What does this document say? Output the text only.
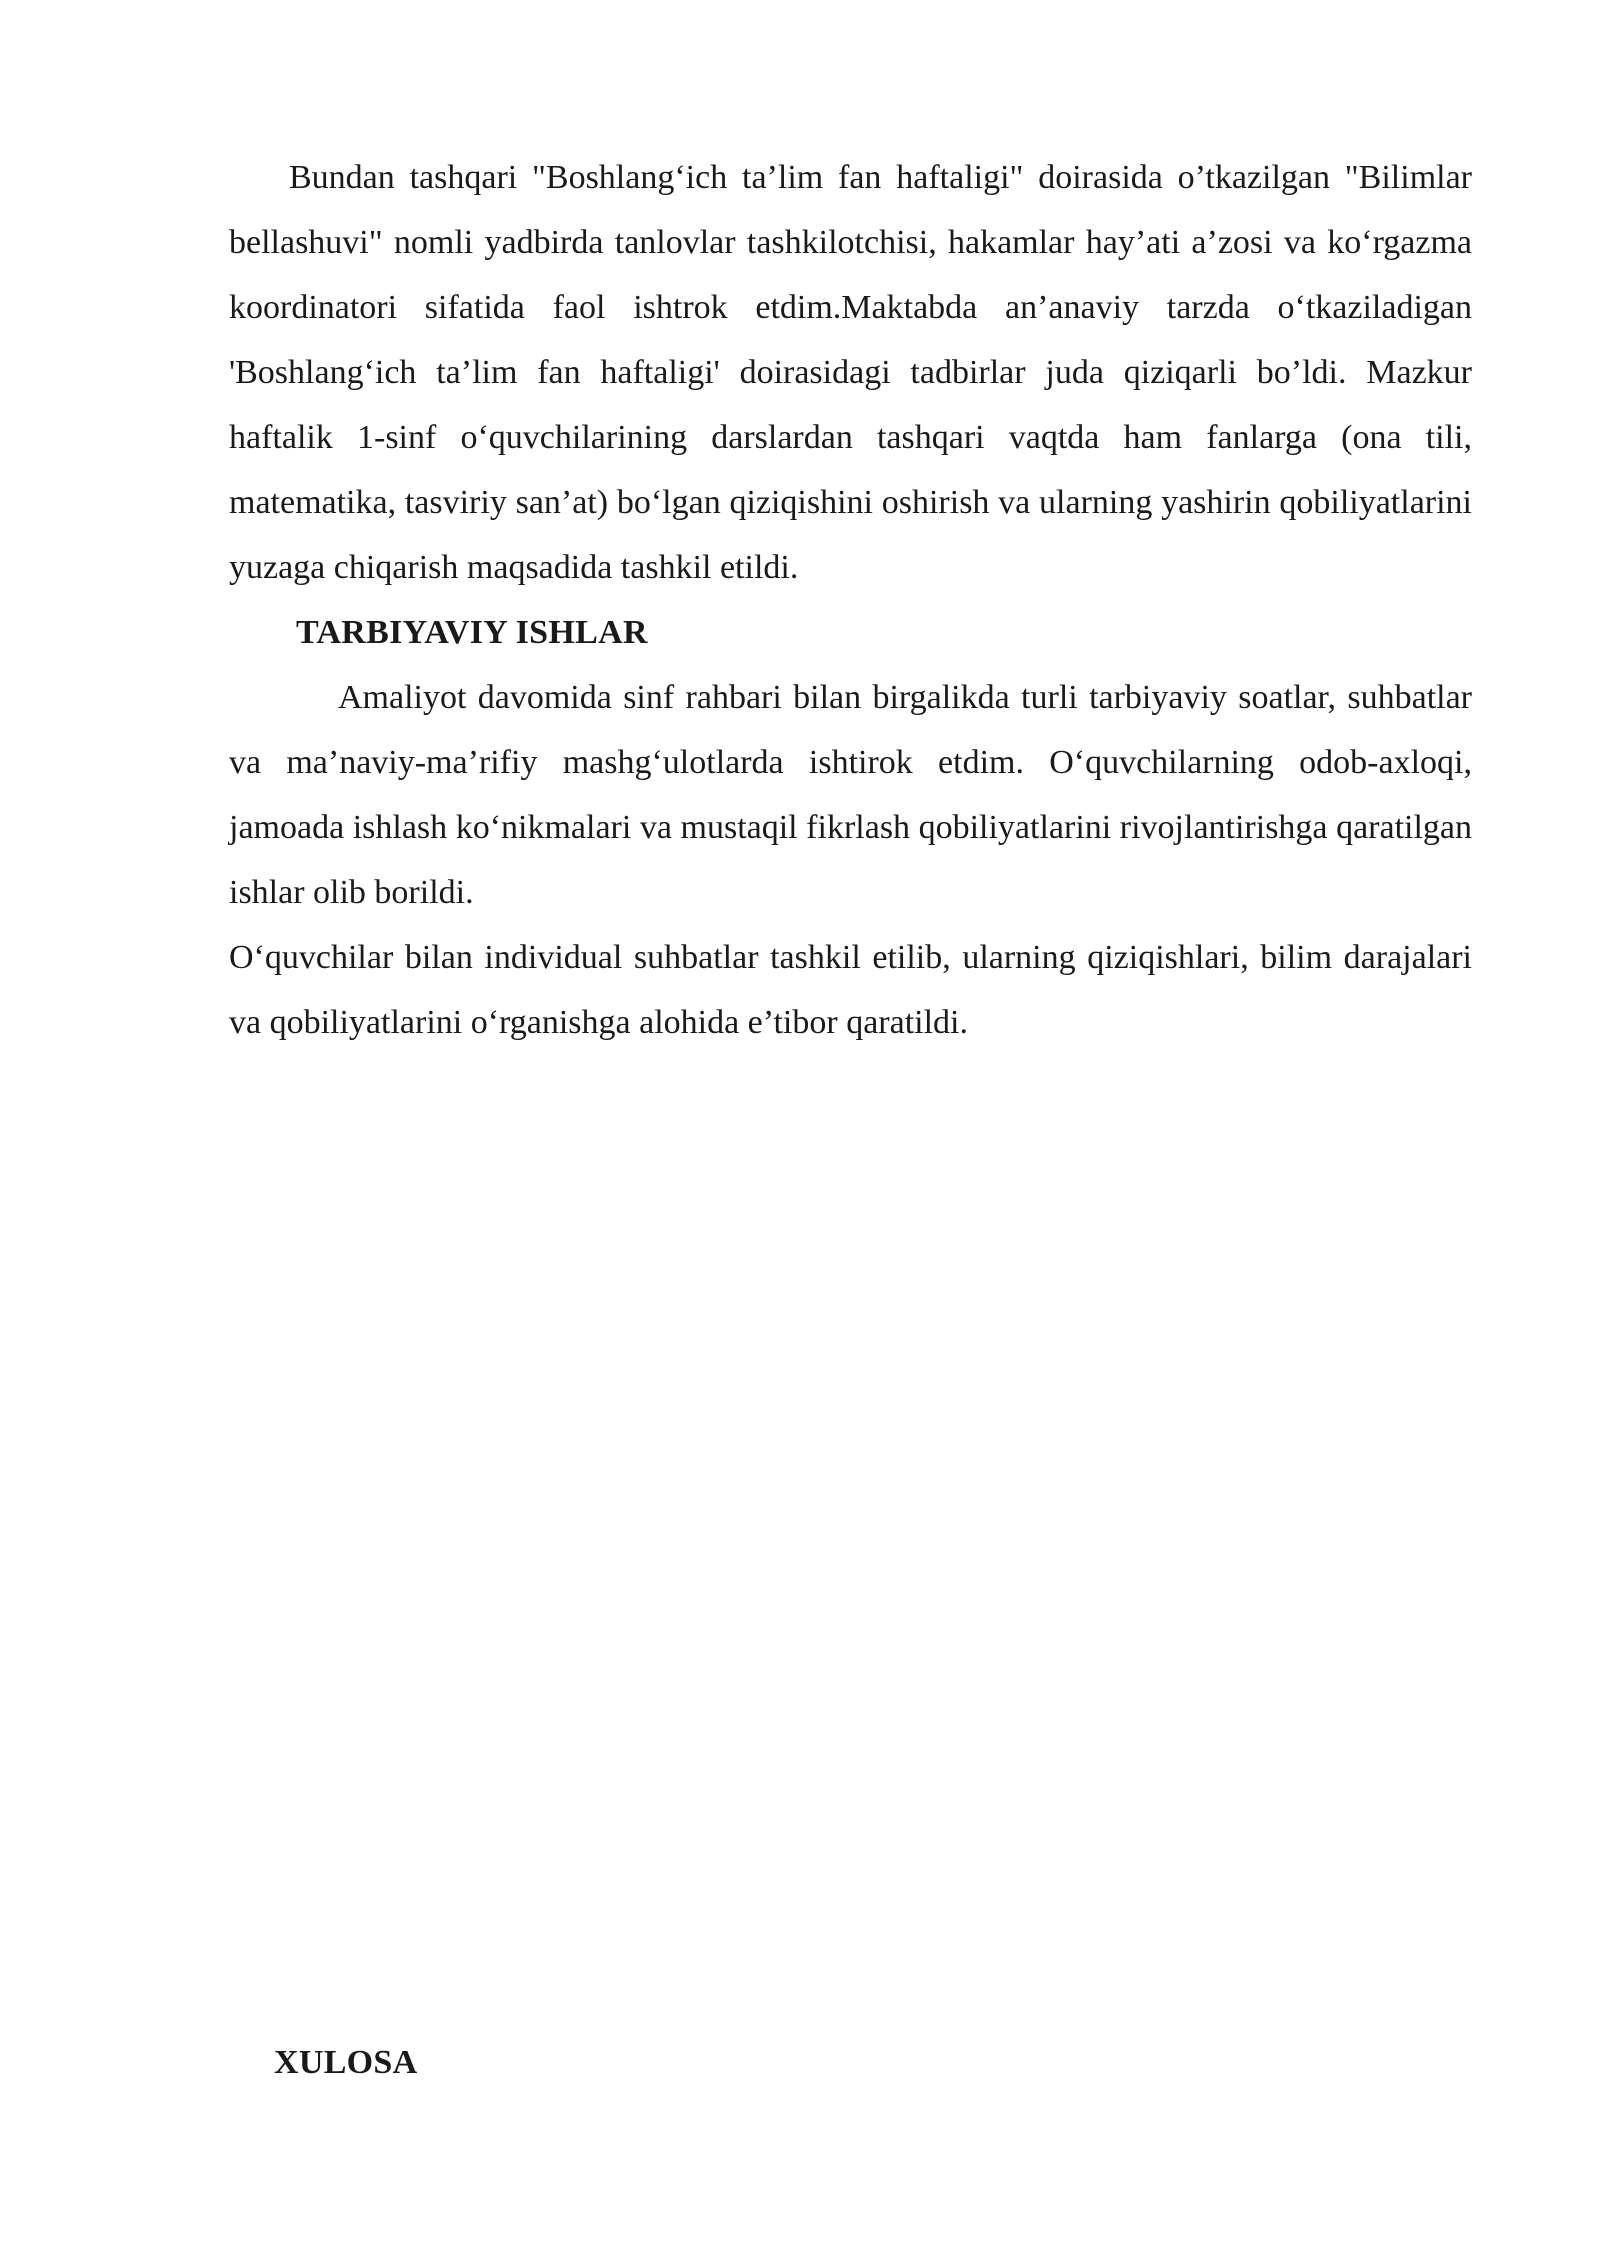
Bundan tashqari "Boshlang‘ich ta’lim fan haftaligi" doirasida o’tkazilgan "Bilimlar bellashuvi" nomli yadbirda tanlovlar tashkilotchisi, hakamlar hay’ati a’zosi va ko‘rgazma koordinatori sifatida faol ishtrok etdim.Maktabda an’anaviy tarzda o‘tkaziladigan 'Boshlang‘ich ta’lim fan haftaligi' doirasidagi tadbirlar juda qiziqarli bo’ldi. Mazkur haftalik 1-sinf o‘quvchilarining darslardan tashqari vaqtda ham fanlarga (ona tili, matematika, tasviriy san’at) bo‘lgan qiziqishini oshirish va ularning yashirin qobiliyatlarini yuzaga chiqarish maqsadida tashkil etildi.

TARBIYAVIY ISHLAR

Amaliyot davomida sinf rahbari bilan birgalikda turli tarbiyaviy soatlar, suhbatlar va ma’naviy-ma’rifiy mashg‘ulotlarda ishtirok etdim. O‘quvchilarning odob-axloqi, jamoada ishlash ko‘nikmalari va mustaqil fikrlash qobiliyatlarini rivojlantirishga qaratilgan ishlar olib borildi.

O‘quvchilar bilan individual suhbatlar tashkil etilib, ularning qiziqishlari, bilim darajalari va qobiliyatlarini o‘rganishga alohida e’tibor qaratildi.

XULOSA
